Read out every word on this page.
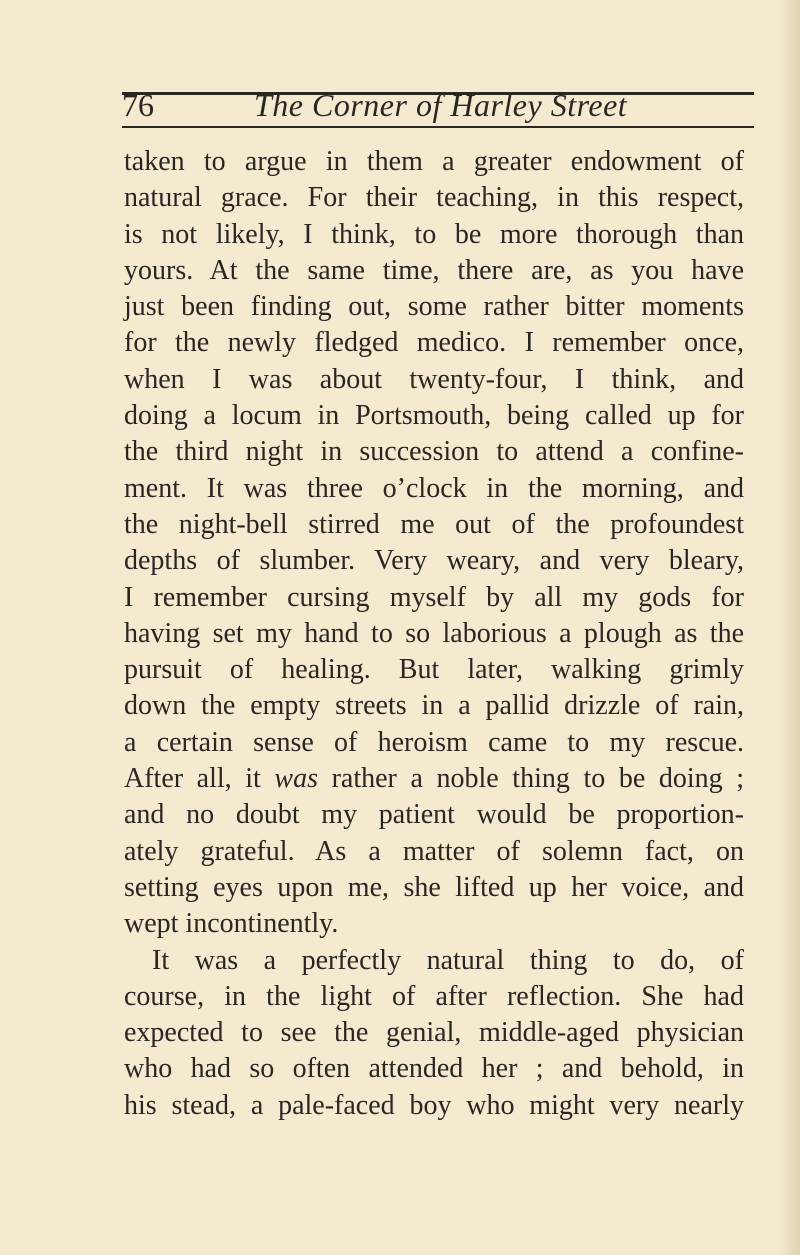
76	The Corner of Harley Street
taken to argue in them a greater endowment of
natural grace. For their teaching, in this respect,
is not likely, I think, to be more thorough than
yours. At the same time, there are, as you have
just been finding out, some rather bitter moments
for the newly fledged medico. I remember once,
when I was about twenty-four, I think, and
doing a locum in Portsmouth, being called up for
the third night in succession to attend a confine-
ment. It was three o’clock in the morning, and
the night-bell stirred me out of the profoundest
depths of slumber. Very weary, and very bleary,
I remember cursing myself by all my gods for
having set my hand to so laborious a plough as the
pursuit of healing. But later, walking grimly
down the empty streets in a pallid drizzle of rain,
a certain sense of heroism came to my rescue.
After all, it was rather a noble thing to be doing ;
and no doubt my patient would be proportion-
ately grateful. As a matter of solemn fact, on
setting eyes upon me, she lifted up her voice, and
wept incontinently.
It was a perfectly natural thing to do, of
course, in the light of after reflection. She had
expected to see the genial, middle-aged physician
who had so often attended her ; and behold, in
his stead, a pale-faced boy who might very nearly
